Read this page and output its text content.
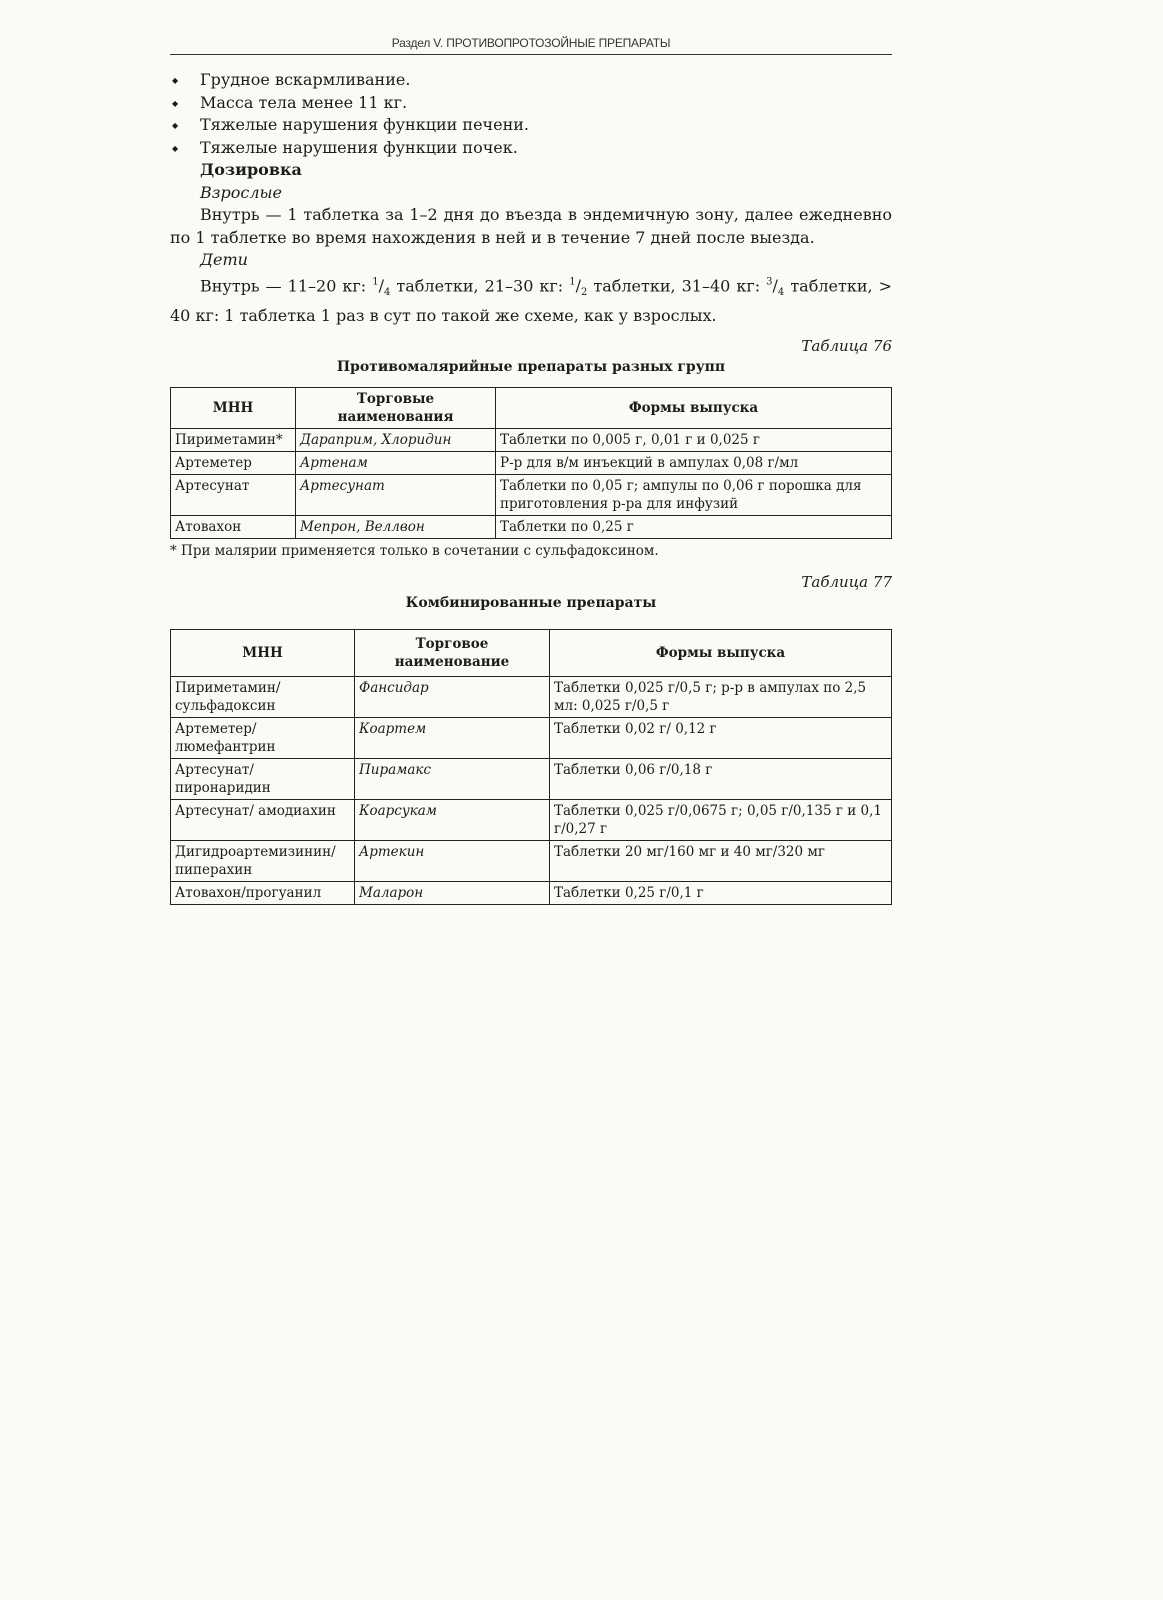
Раздел V. ПРОТИВОПРОТОЗОЙНЫЕ ПРЕПАРАТЫ
◆ Грудное вскармливание.
◆ Масса тела менее 11 кг.
◆ Тяжелые нарушения функции печени.
◆ Тяжелые нарушения функции почек.
Дозировка
Взрослые

Внутрь — 1 таблетка за 1–2 дня до въезда в эндемичную зону, далее ежедневно по 1 таблетке во время нахождения в ней и в течение 7 дней после выезда.

Дети

Внутрь — 11–20 кг: $^1/_4$ таблетки, 21–30 кг: $^1/_2$ таблетки, 31–40 кг: $^3/_4$ таблетки, > 40 кг: 1 таблетка 1 раз в сут по такой же схеме, как у взрослых.

Таблица 76
Противомалярийные препараты разных групп
МНН	Торговые наименования	Формы выпуска
Пириметамин*	Дараприм, Хлоридин	Таблетки по 0,005 г, 0,01 г и 0,025 г
Артеметер	Артенам	Р-р для в/м инъекций в ампулах 0,08 г/мл
Артесунат	Артесунат	Таблетки по 0,05 г; ампулы по 0,06 г порошка для приготовления р-ра для инфузий
Атовахон	Мепрон, Веллвон	Таблетки по 0,25 г
* При малярии применяется только в сочетании с сульфадоксином.
Таблица 77
Комбинированные препараты
МНН	Торговое наименование	Формы выпуска
Пириметамин/ сульфадоксин	Фансидар	Таблетки 0,025 г/0,5 г; р-р в ампулах по 2,5 мл: 0,025 г/0,5 г
Артеметер/ люмефантрин	Коартем	Таблетки 0,02 г/ 0,12 г
Артесунат/ пиронаридин	Пирамакс	Таблетки 0,06 г/0,18 г
Артесунат/ амодиахин	Коарсукам	Таблетки 0,025 г/0,0675 г; 0,05 г/0,135 г и 0,1 г/0,27 г
Дигидроартемизинин/ пиперахин	Артекин	Таблетки 20 мг/160 мг и 40 мг/320 мг
Атовахон/прогуанил	Маларон	Таблетки 0,25 г/0,1 г
